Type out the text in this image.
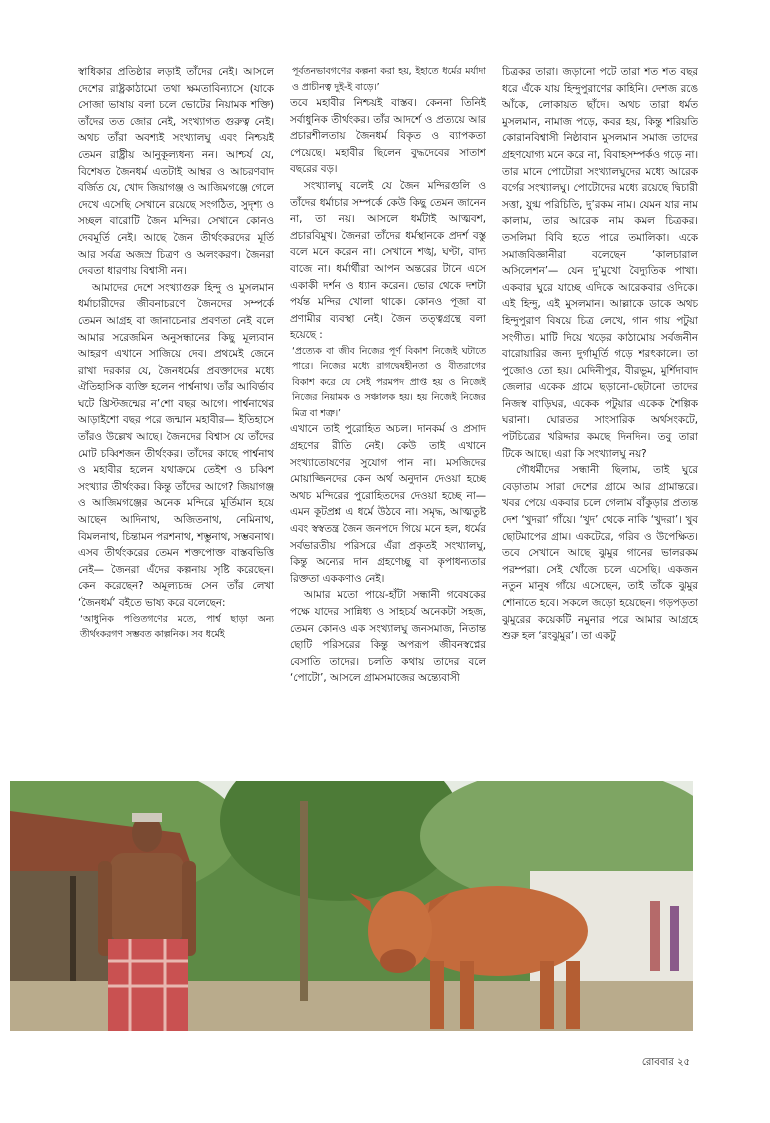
স্বাধিকার প্রতিষ্ঠার লড়াই তাঁদের নেই। আসলে দেশের রাষ্ট্রকাঠামো তথা ক্ষমতাবিন্যাসে (যাকে সোজা ভাষায় বলা চলে ভোটের নিয়ামক শক্তি) তাঁদের তত জোর নেই, সংখ্যাগত গুরুত্ব নেই। অথচ তাঁরা অবশ্যই সংখ্যালঘু এবং নিশ্চয়ই তেমন রাষ্ট্রীয় আনুকূল্যধন্য নন। আশ্চর্য যে, বিশেষত জৈনধর্ম এতটাই আম্বর ও আচরণবাদ বর্জিত যে, খোদ জিয়াগঞ্জ ও আজিমগঞ্জে গেলে দেখে এসেছি সেখানে রয়েছে সংগঠিত, সুদৃশ্য ও সচ্ছল বারোটি জৈন মন্দির। সেখানে কোনও দেবমূর্তি নেই। আছে জৈন তীর্থংকরদের মূর্তি আর সর্বত্র অজস্র চিত্রণ ও অলংকরণ। জৈনরা দেবতা ধারণায় বিশ্বাসী নন।

আমাদের দেশে সংখ্যাগুরু হিন্দু ও মুসলমান ধর্মাচারীদের জীবনাচরণে জৈনদের সম্পর্কে তেমন আগ্রহ বা জানাচেনার প্রবণতা নেই বলে আমার সরেজমিন অনুসন্ধানের কিছু মূল্যবান আহরণ এখানে সাজিয়ে দেব। প্রথমেই জেনে রাখা দরকার যে, জৈনধর্মের প্রবক্তাদের মধ্যে ঐতিহাসিক ব্যক্তি হলেন পার্শ্বনাথ। তাঁর আবির্ভাব ঘটে খ্রিস্টজন্মের ন’শো বছর আগে। পার্শ্বনাথের আড়াইশো বছর পরে জন্মান মহাবীর— ইতিহাসে তাঁরও উল্লেখ আছে। জৈনদের বিশ্বাস যে তাঁদের মোট চব্বিশজন তীর্থংকর। তাঁদের কাছে পার্শ্বনাথ ও মহাবীর হলেন যথাক্রমে তেইশ ও চব্বিশ সংখ্যার তীর্থংকর। কিন্তু তাঁদের আগে? জিয়াগঞ্জ ও আজিমগঞ্জের অনেক মন্দিরে মূর্তিমান হয়ে আছেন আদিনাথ, অজিতনাথ, নেমিনাথ, বিমলনাথ, চিন্তামন পরশনাথ, শম্ভুনাথ, সম্ভবনাথ। এসব তীর্থংকরের তেমন শক্তপোক্ত বাস্তবভিত্তি নেই— জৈনরা এঁদের কল্পনায় সৃষ্টি করেছেন। কেন করেছেন? অমূল্যচন্দ্র সেন তাঁর লেখা ‘জৈনধর্ম’ বইতে ভাষ্য করে বলেছেন:

‘আধুনিক পণ্ডিতগণের মতে, পার্শ্ব ছাড়া অন্য তীর্থংকরগণ সম্ভবত কাল্পনিক। সব ধর্মেই

পূর্বতনভাবগণের কল্পনা করা হয়, ইহাতে ধর্মের মর্যাদা ও প্রাচীনত্ব দুই-ই বাড়ে।’

তবে মহাবীর নিশ্চয়ই বাস্তব। কেননা তিনিই সর্বাধুনিক তীর্থংকর। তাঁর আদর্শে ও প্রত্যয়ে আর প্রচারশীলতায় জৈনধর্ম বিকৃত ও ব্যাপকতা পেয়েছে। মহাবীর ছিলেন বুদ্ধদেবের সাতাশ বছরের বড়।

সংখ্যালঘু বলেই যে জৈন মন্দিরগুলি ও তাঁদের ধর্মাচার সম্পর্কে কেউ কিছু তেমন জানেন না, তা নয়। আসলে ধর্মটাই আত্মবশ, প্রচারবিমুখ। জৈনরা তাঁদের ধর্মস্থানকে প্রদর্শ বস্তু বলে মনে করেন না। সেখানে শঙ্খ, ঘণ্টা, বাদ্য বাজে না। ধর্মার্থীরা আপন অন্তরের টানে এসে একাকী দর্শন ও ধ্যান করেন। ভোর থেকে দশটা পর্যন্ত মন্দির খোলা থাকে। কোনও পূজা বা প্রণামীর ব্যবস্থা নেই। জৈন তত্ত্বগ্রন্থে বলা হয়েছে :

‘প্রত্যেক বা জীব নিজের পূর্ণ বিকাশ নিজেই ঘটাতে পারে। নিজের মধ্যে রাগদ্বেষহীনতা ও বীতরাগের বিকাশ করে যে সেই পরমপদ প্রাপ্ত হয় ও নিজেই নিজের নিয়ামক ও সঞ্চালক হয়। হয় নিজেই নিজের মিত্র বা শত্রু।’

এখানে তাই পুরোহিত অচল। দানকর্ম ও প্রসাদ গ্রহণের রীতি নেই। কেউ তাই এখানে সংখ্যাতোষণের সুযোগ পান না। মসজিদের মোয়াজ্জিনদের কেন অর্থ অনুদান দেওয়া হচ্ছে অথচ মন্দিরের পুরোহিতদের দেওয়া হচ্ছে না— এমন কূটপ্রশ্ন এ ধর্মে উঠবে না। সমৃদ্ধ, আত্মতুষ্ট এবং স্বস্বতন্ত্র জৈন জনপদে গিয়ে মনে হল, ধর্মের সর্বভারতীয় পরিসরে এঁরা প্রকৃতই সংখ্যালঘু, কিন্তু অন্যের দান গ্রহণেচ্ছু বা কৃপাধন্যতার রিক্ততা এককণাও নেই।

আমার মতো পায়ে-হাঁটা সন্ধানী গবেষকের পক্ষে যাদের সান্নিধ্য ও সাহচর্য অনেকটা সহজ, তেমন কোনও এক সংখ্যালঘু জনসমাজ, নিতান্ত ছোটি পরিসরের কিন্তু অপরূপ জীবনস্বপ্নের বেসাতি তাদের। চলতি কথায় তাদের বলে ‘পোটো’, আসলে গ্রামসমাজের অন্ত্যেবাসী

চিত্রকর তারা। জড়ানো পটে তারা শত শত বছর ধরে এঁকে যায় হিন্দুপুরাণের কাহিনি। দেশজ রঙে আঁকে, লোকায়ত ছাঁদে। অথচ তারা ধর্মত মুসলমান, নামাজ পড়ে, কবর হয়, কিন্তু শরিয়তি কোরানবিশ্বাসী নিষ্ঠাবান মুসলমান সমাজ তাদের গ্রহণযোগ্য মনে করে না, বিবাহসম্পর্কও গড়ে না। তার মানে পোটোরা সংখ্যালঘুদের মধ্যে আরেক বর্গের সংখ্যালঘু। পোটোদের মধ্যে রয়েছে দ্বিচারী সত্তা, যুগ্ম পরিচিতি, দু’রকম নাম। যেমন যার নাম কালাম, তার আরেক নাম কমল চিত্রকর। তসলিমা বিবি হতে পারে তমালিকা। একে সমাজবিজ্ঞানীরা বলেছেন ‘কালচারাল অসিলেশন’— যেন দু’মুখো বৈদ্যুতিক পাখা। একবার ঘুরে যাচ্ছে এদিকে আরেকবার ওদিকে। এই হিন্দু, এই মুসলমান। আল্লাকে ডাকে অথচ হিন্দুপুরাণ বিষয়ে চিত্র লেখে, গান গায় পটুয়া সংগীত। মাটি দিয়ে খড়ের কাঠামোয় সর্বজনীন বারোয়ারির জন্য দুর্গামূর্তি গড়ে শরৎকালে। তা পুজোও তো হয়। মেদিনীপুর, বীরভূম, মুর্শিদাবাদ জেলার একেক গ্রামে ছড়ানো-ছেটানো তাদের নিজস্ব বাড়িঘর, একেক পটুয়ার একেক শৈল্পিক ঘরানা। ঘোরতর সাংসারিক অর্থসংকটে, পটচিত্রের খরিদ্দার কমছে দিনদিন। তবু তারা টিকে আছে। এরা কি সংখ্যালঘু নয়?

গৌধর্মীদের সন্ধানী ছিলাম, তাই ঘুরে বেড়াতাম সারা দেশের গ্রামে আর গ্রামান্তরে। খবর পেয়ে একবার চলে গেলাম বাঁকুড়ার প্রত্যন্ত দেশ ‘খুদরা’ গাঁয়ে। ‘খুদ’ থেকে নাকি ‘খুদরা’। খুব ছোটমাপের গ্রাম। একটেরে, গরিব ও উপেক্ষিত। তবে সেখানে আছে ঝুমুর গানের ভালরকম পরম্পরা। সেই খোঁজে চলে এসেছি। একজন নতুন মানুষ গাঁয়ে এসেছেন, তাই তাঁকে ঝুমুর শোনাতে হবে। সকলে জড়ো হয়েছেন। গড়পড়তা ঝুমুরের কয়েকটি নমুনার পরে আমার আগ্রহে শুরু হল ‘রংঝুমুর’। তা একটু

রোববার ২৫
